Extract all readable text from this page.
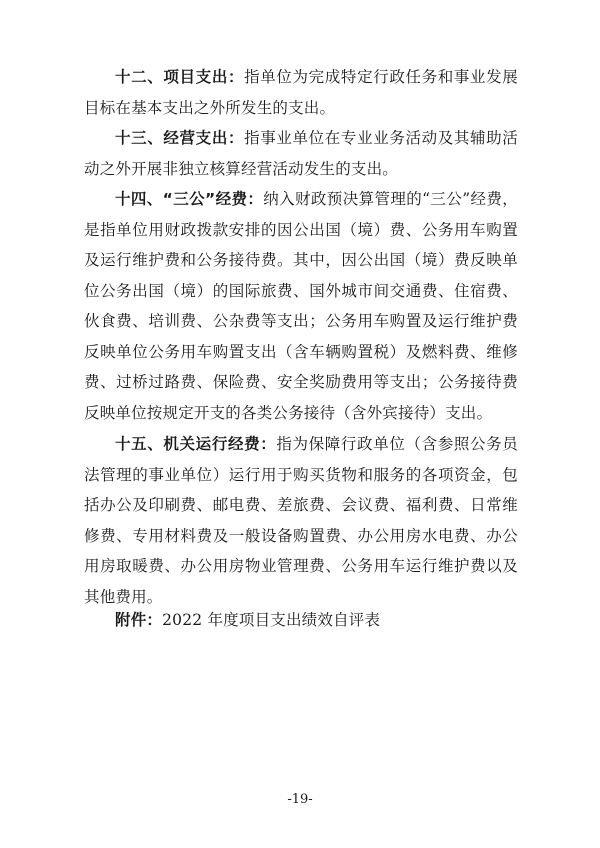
十二、项目支出：指单位为完成特定行政任务和事业发展目标在基本支出之外所发生的支出。

十三、经营支出：指事业单位在专业业务活动及其辅助活动之外开展非独立核算经营活动发生的支出。

十四、“三公”经费：纳入财政预决算管理的“三公”经费，是指单位用财政拨款安排的因公出国（境）费、公务用车购置及运行维护费和公务接待费。其中，因公出国（境）费反映单位公务出国（境）的国际旅费、国外城市间交通费、住宿费、伙食费、培训费、公杂费等支出；公务用车购置及运行维护费反映单位公务用车购置支出（含车辆购置税）及燃料费、维修费、过桥过路费、保险费、安全奖励费用等支出；公务接待费反映单位按规定开支的各类公务接待（含外宾接待）支出。

十五、机关运行经费：指为保障行政单位（含参照公务员法管理的事业单位）运行用于购买货物和服务的各项资金，包括办公及印刷费、邮电费、差旅费、会议费、福利费、日常维修费、专用材料费及一般设备购置费、办公用房水电费、办公用房取暖费、办公用房物业管理费、公务用车运行维护费以及其他费用。

附件：2022 年度项目支出绩效自评表

-19-
